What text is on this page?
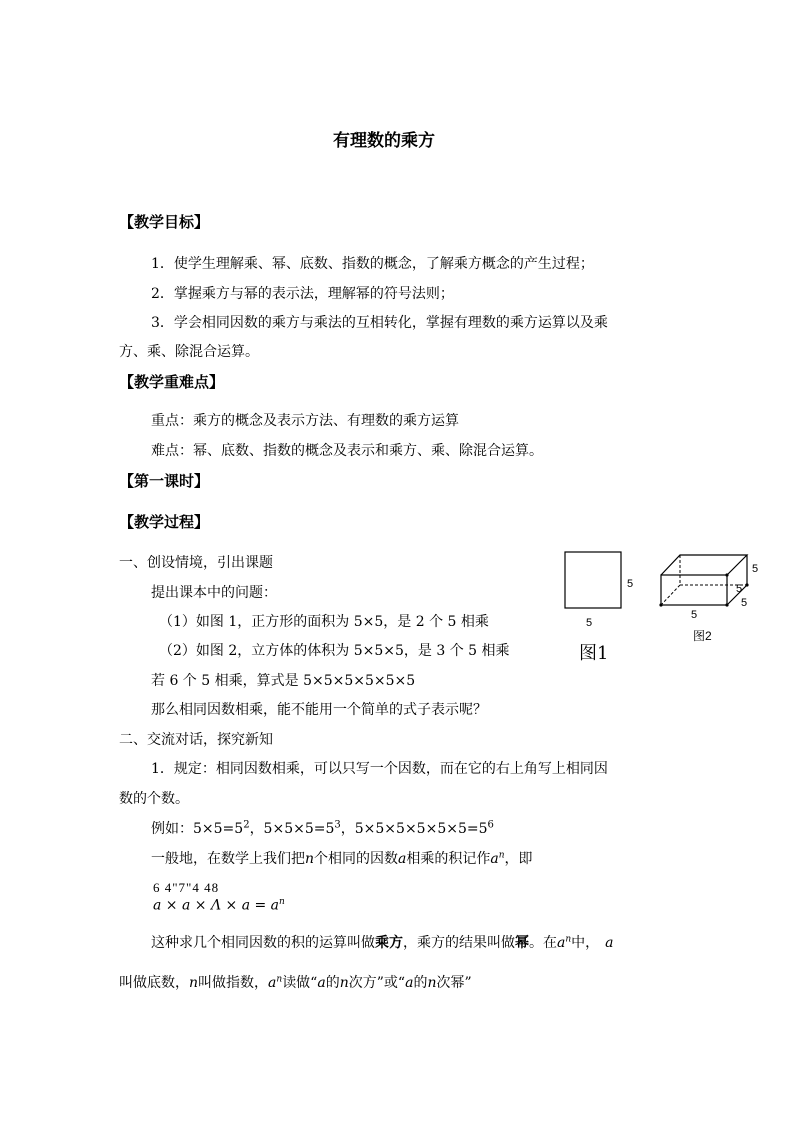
有理数的乘方
【教学目标】
1．使学生理解乘、幂、底数、指数的概念，了解乘方概念的产生过程；
2．掌握乘方与幂的表示法，理解幂的符号法则；
3．学会相同因数的乘方与乘法的互相转化，掌握有理数的乘方运算以及乘
方、乘、除混合运算。
【教学重难点】
重点：乘方的概念及表示方法、有理数的乘方运算
难点：幂、底数、指数的概念及表示和乘方、乘、除混合运算。
【第一课时】
【教学过程】
一、创设情境，引出课题
提出课本中的问题：
（1）如图 1，正方形的面积为 5×5，是 2 个 5 相乘
（2）如图 2，立方体的体积为 5×5×5，是 3 个 5 相乘
若 6 个 5 相乘，算式是 5×5×5×5×5×5
那么相同因数相乘，能不能用一个简单的式子表示呢？
5
5
图1
5
5
5
5
图2
二、交流对话，探究新知
1．规定：相同因数相乘，可以只写一个因数，而在它的右上角写上相同因
数的个数。
例如：$5\times 5=5^2$，$5\times 5\times 5=5^3$，$5\times 5\times 5\times 5\times 5\times 5=5^6$
一般地，在数学上我们把n个相同的因数a相乘的积记作$a^n$，即
6 4"7"4 48
$a \times a \times \Lambda \times a = a^n$
这种求几个相同因数的积的运算叫做乘方，乘方的结果叫做幂。在$a^n$中， a
叫做底数，n叫做指数，$a^n$读做“a的n次方”或“a的n次幂”
